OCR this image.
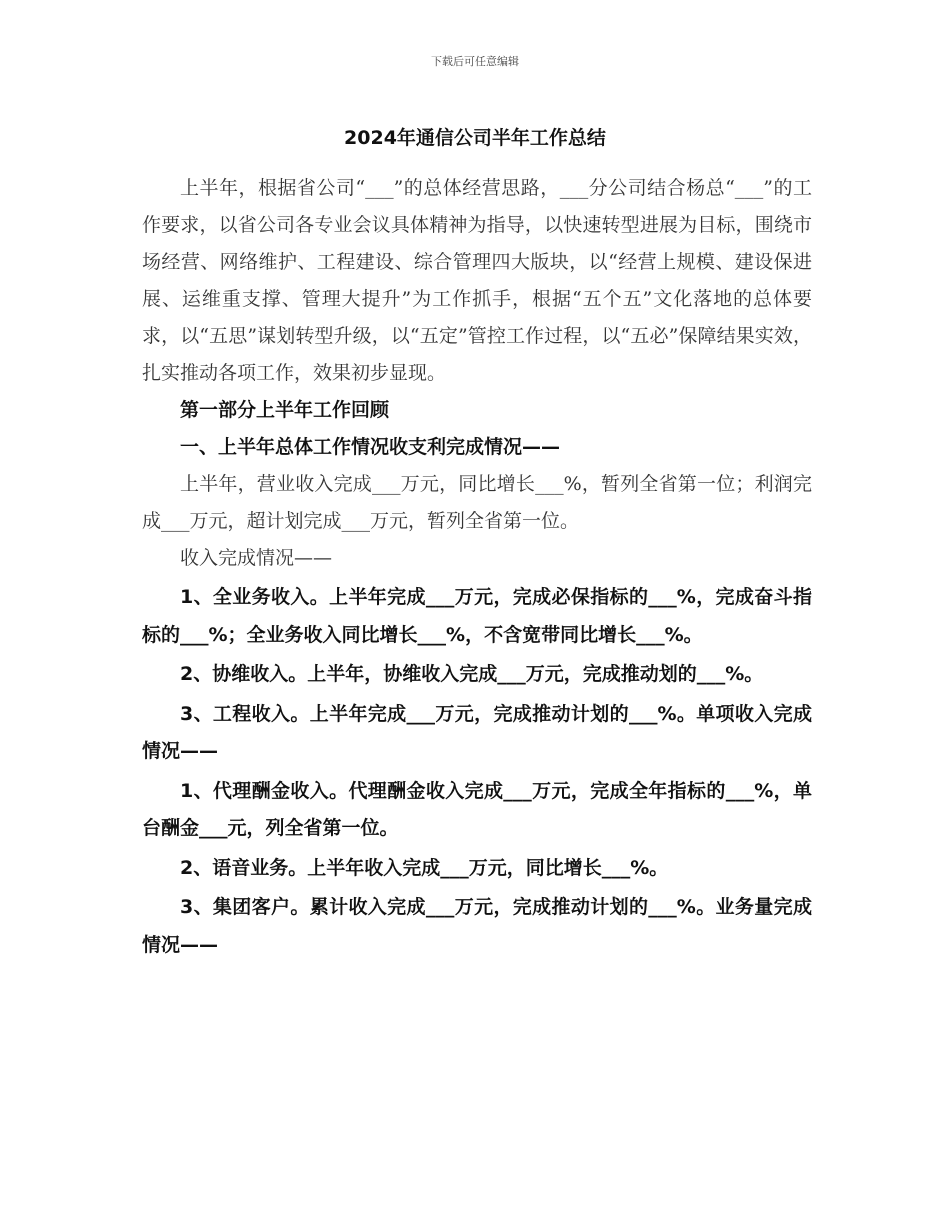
下载后可任意编辑
2024年通信公司半年工作总结

上半年，根据省公司“___”的总体经营思路，___分公司结合杨总“___”的工作要求，以省公司各专业会议具体精神为指导，以快速转型进展为目标，围绕市场经营、网络维护、工程建设、综合管理四大版块，以“经营上规模、建设保进展、运维重支撑、管理大提升”为工作抓手，根据“五个五”文化落地的总体要求，以“五思”谋划转型升级，以“五定”管控工作过程，以“五必”保障结果实效，扎实推动各项工作，效果初步显现。

第一部分上半年工作回顾

一、上半年总体工作情况收支利完成情况——

上半年，营业收入完成___万元，同比增长___%，暂列全省第一位；利润完成___万元，超计划完成___万元，暂列全省第一位。

收入完成情况——

1、全业务收入。上半年完成___万元，完成必保指标的___%，完成奋斗指标的___%；全业务收入同比增长___%，不含宽带同比增长___%。

2、协维收入。上半年，协维收入完成___万元，完成推动划的___%。

3、工程收入。上半年完成___万元，完成推动计划的___%。单项收入完成情况——

1、代理酬金收入。代理酬金收入完成___万元，完成全年指标的___%，单台酬金___元，列全省第一位。

2、语音业务。上半年收入完成___万元，同比增长___%。

3、集团客户。累计收入完成___万元，完成推动计划的___%。业务量完成情况——
